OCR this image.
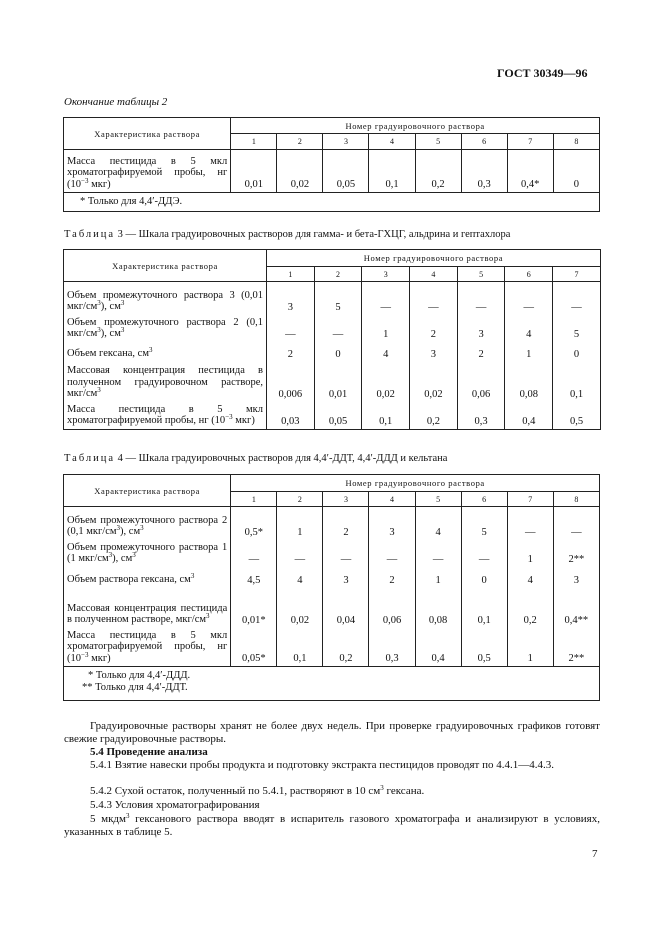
ГОСТ 30349—96
Окончание таблицы 2
Характеристика раствора	Номер градуировочного раствора							
	1	2	3	4	5	6	7	8
Масса пестицида в 5 мкл хроматографируемой пробы, нг ($10^{-3}$ мкг)	0,01	0,02	0,05	0,1	0,2	0,3	0,4*	0

* Только для 4,4′-ДДЭ.								
Таблица 3 — Шкала градуировочных растворов для гамма- и бета-ГХЦГ, альдрина и гептахлора
Характеристика раствора	Номер градуировочного раствора						
	1	2	3	4	5	6	7
Объем промежуточного раствора 3 (0,01 мкг/$см^3$), $см^3$	3	5	—	—	—	—	—
Объем промежуточного раствора 2 (0,1 мкг/$см^3$), $см^3$	—	—	1	2	3	4	5
Объем гексана, $см^3$	2	0	4	3	2	1	0
Массовая концентрация пестицида в полученном градуировочном растворе, мкг/$см^3$	0,006	0,01	0,02	0,02	0,06	0,08	0,1
Масса пестицида в 5 мкл хроматографируемой пробы, нг ($10^{-3}$ мкг)	0,03	0,05	0,1	0,2	0,3	0,4	0,5
Таблица 4 — Шкала градуировочных растворов для 4,4′-ДДТ, 4,4′-ДДД и кельтана
Характеристика раствора	Номер градуировочного раствора							
	1	2	3	4	5	6	7	8
Объем промежуточного раствора 2 (0,1 мкг/$см^3$), $см^3$	0,5*	1	2	3	4	5	—	—
Объем промежуточного раствора 1 (1 мкг/$см^3$), $см^3$	—	—	—	—	—	—	1	2**
Объем раствора гексана, $см^3$	4,5	4	3	2	1	0	4	3
Массовая концентрация пестицида в полученном растворе, мкг/$см^3$	0,01*	0,02	0,04	0,06	0,08	0,1	0,2	0,4**
Масса пестицида в 5 мкл хроматографируемой пробы, нг ($10^{-3}$ мкг)	0,05*	0,1	0,2	0,3	0,4	0,5	1	2**

* Только для 4,4′-ДДД.
** Только для 4,4′-ДДТ.								
Градуировочные растворы хранят не более двух недель. При проверке градуировочных графиков готовят свежие градуировочные растворы.
5.4 Проведение анализа
5.4.1 Взятие навески пробы продукта и подготовку экстракта пестицидов проводят по 4.4.1—4.4.3.
5.4.2 Сухой остаток, полученный по 5.4.1, растворяют в 10 $см^3$ гексана.
5.4.3 Условия хроматографирования
5 мкдм$^3$ гексанового раствора вводят в испаритель газового хроматографа и анализируют в условиях, указанных в таблице 5.
7
